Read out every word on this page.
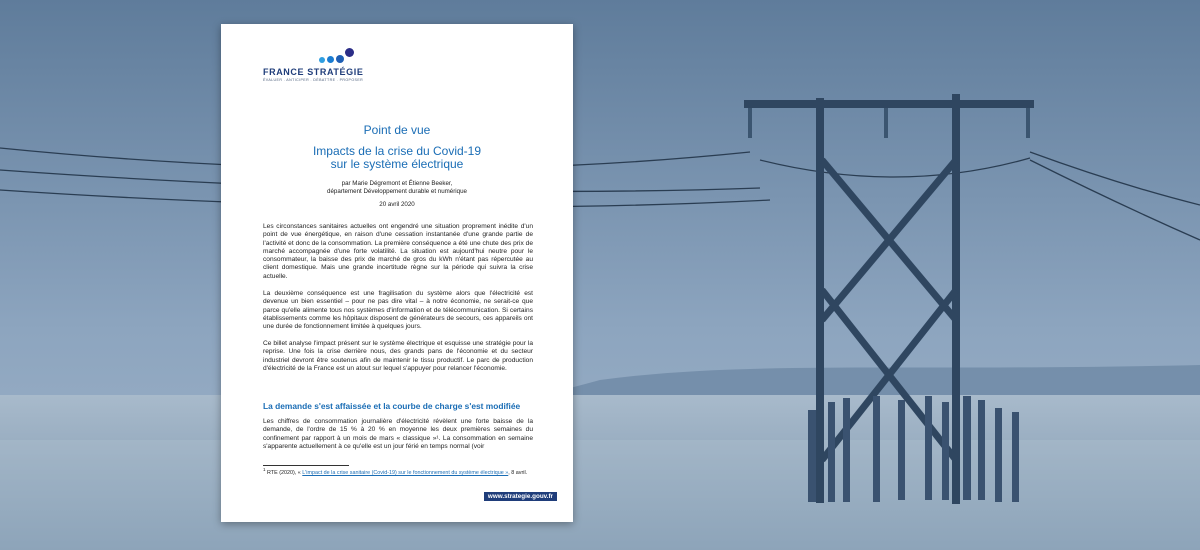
FRANCE STRATÉGIE
ÉVALUER . ANTICIPER . DÉBATTRE . PROPOSER
Point de vue
Impacts de la crise du Covid-19
sur le système électrique
par Marie Dégremont et Étienne Beeker,
département Développement durable et numérique
20 avril 2020
Les circonstances sanitaires actuelles ont engendré une situation proprement inédite d'un point de vue énergétique, en raison d'une cessation instantanée d'une grande partie de l'activité et donc de la consommation. La première conséquence a été une chute des prix de marché accompagnée d'une forte volatilité. La situation est aujourd'hui neutre pour le consommateur, la baisse des prix de marché de gros du kWh n'étant pas répercutée au client domestique. Mais une grande incertitude règne sur la période qui suivra la crise actuelle.
La deuxième conséquence est une fragilisation du système alors que l'électricité est devenue un bien essentiel – pour ne pas dire vital – à notre économie, ne serait-ce que parce qu'elle alimente tous nos systèmes d'information et de télécommunication. Si certains établissements comme les hôpitaux disposent de générateurs de secours, ces appareils ont une durée de fonctionnement limitée à quelques jours.
Ce billet analyse l'impact présent sur le système électrique et esquisse une stratégie pour la reprise. Une fois la crise derrière nous, des grands pans de l'économie et du secteur industriel devront être soutenus afin de maintenir le tissu productif. Le parc de production d'électricité de la France est un atout sur lequel s'appuyer pour relancer l'économie.
La demande s'est affaissée et la courbe de charge s'est modifiée
Les chiffres de consommation journalière d'électricité révèlent une forte baisse de la demande, de l'ordre de 15 % à 20 % en moyenne les deux premières semaines du confinement par rapport à un mois de mars « classique »¹. La consommation en semaine s'apparente actuellement à ce qu'elle est un jour férié en temps normal (voir
$^1$ RTE (2020), « L'impact de la crise sanitaire (Covid-19) sur le fonctionnement du système électrique », 8 avril.
www.strategie.gouv.fr
